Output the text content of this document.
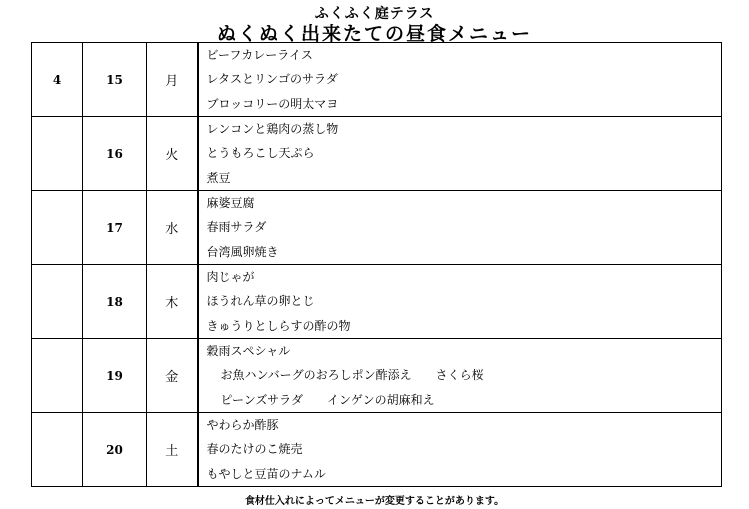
ふくふく庭テラス
ぬくぬく出来たての昼食メニュー
4	15	月	ビーフカレーライス
レタスとリンゴのサラダ
ブロッコリーの明太マヨ

	16	火	レンコンと鶏肉の蒸し物
とうもろこし天ぷら
煮豆

	17	水	麻婆豆腐
春雨サラダ
台湾風卵焼き

	18	木	肉じゃが
ほうれん草の卵とじ
きゅうりとしらすの酢の物

	19	金	穀雨スペシャル
お魚ハンバーグのおろしポン酢添え　　さくら桜
ピーンズサラダ　　インゲンの胡麻和え

	20	土	やわらか酢豚
春のたけのこ焼売
もやしと豆苗のナムル
食材仕入れによってメニューが変更することがあります。
